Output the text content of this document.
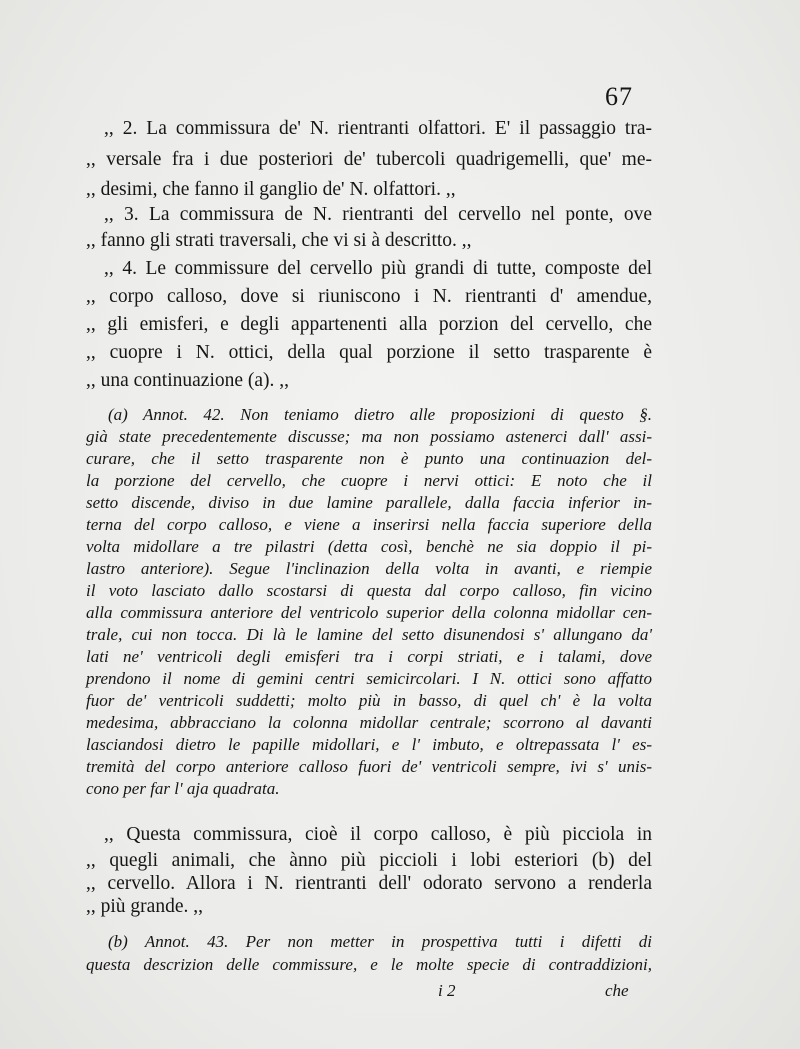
67
,, 2. La commissura de' N. rientranti olfattori. E' il passaggio tra-
,, versale fra i due posteriori de' tubercoli quadrigemelli, que' me-
,, desimi, che fanno il ganglio de' N. olfattori. ,,
,, 3. La commissura de N. rientranti del cervello nel ponte, ove
,, fanno gli strati traversali, che vi si à descritto. ,,
,, 4. Le commissure del cervello più grandi di tutte, composte del
,, corpo calloso, dove si riuniscono i N. rientranti d' amendue,
,, gli emisferi, e degli appartenenti alla porzion del cervello, che
,, cuopre i N. ottici, della qual porzione il setto trasparente è
,, una continuazione (a). ,,
(a) Annot. 42. Non teniamo dietro alle proposizioni di questo §.
già state precedentemente discusse; ma non possiamo astenerci dall' assi-
curare, che il setto trasparente non è punto una continuazion del-
la porzione del cervello, che cuopre i nervi ottici: E noto che il
setto discende, diviso in due lamine parallele, dalla faccia inferior in-
terna del corpo calloso, e viene a inserirsi nella faccia superiore della
volta midollare a tre pilastri (detta così, benchè ne sia doppio il pi-
lastro anteriore). Segue l'inclinazion della volta in avanti, e riempie
il voto lasciato dallo scostarsi di questa dal corpo calloso, fin vicino
alla commissura anteriore del ventricolo superior della colonna midollar cen-
trale, cui non tocca. Di là le lamine del setto disunendosi s' allungano da'
lati ne' ventricoli degli emisferi tra i corpi striati, e i talami, dove
prendono il nome di gemini centri semicircolari. I N. ottici sono affatto
fuor de' ventricoli suddetti; molto più in basso, di quel ch' è la volta
medesima, abbracciano la colonna midollar centrale; scorrono al davanti
lasciandosi dietro le papille midollari, e l' imbuto, e oltrepassata l' es-
tremità del corpo anteriore calloso fuori de' ventricoli sempre, ivi s' unis-
cono per far l' aja quadrata.
,, Questa commissura, cioè il corpo calloso, è più picciola in
,, quegli animali, che ànno più piccioli i lobi esteriori (b) del
,, cervello. Allora i N. rientranti dell' odorato servono a renderla
,, più grande. ,,
(b) Annot. 43. Per non metter in prospettiva tutti i difetti di
questa descrizion delle commissure, e le molte specie di contraddizioni,
i 2	che
